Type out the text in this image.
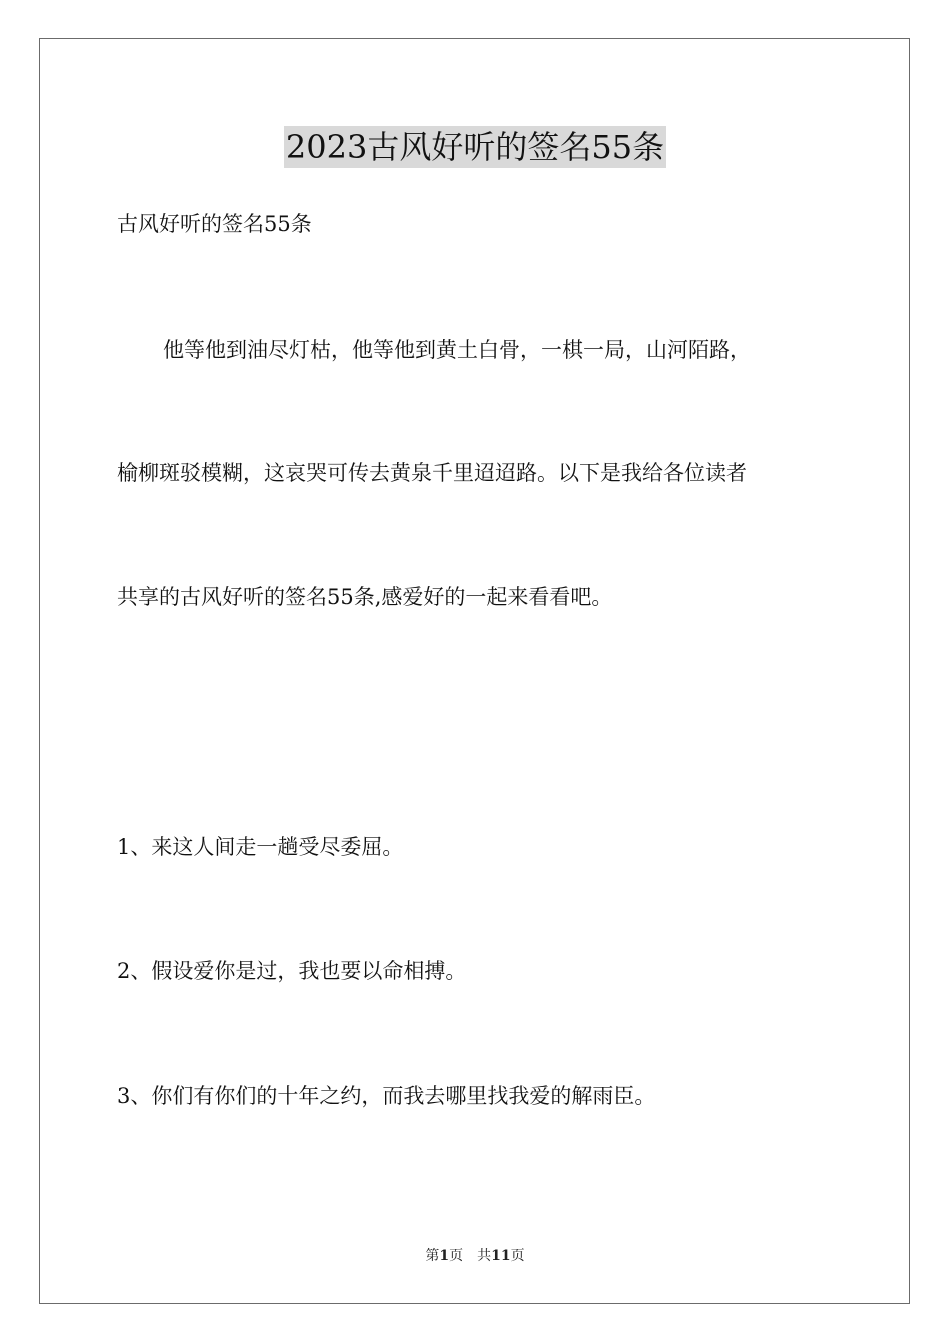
2023古风好听的签名55条
古风好听的签名55条
他等他到油尽灯枯，他等他到黄土白骨，一棋一局，山河陌路，
榆柳斑驳模糊，这哀哭可传去黄泉千里迢迢路。以下是我给各位读者
共享的古风好听的签名55条,感爱好的一起来看看吧。
1、来这人间走一趟受尽委屈。
2、假设爱你是过，我也要以命相搏。
3、你们有你们的十年之约，而我去哪里找我爱的解雨臣。
第1页 共11页
